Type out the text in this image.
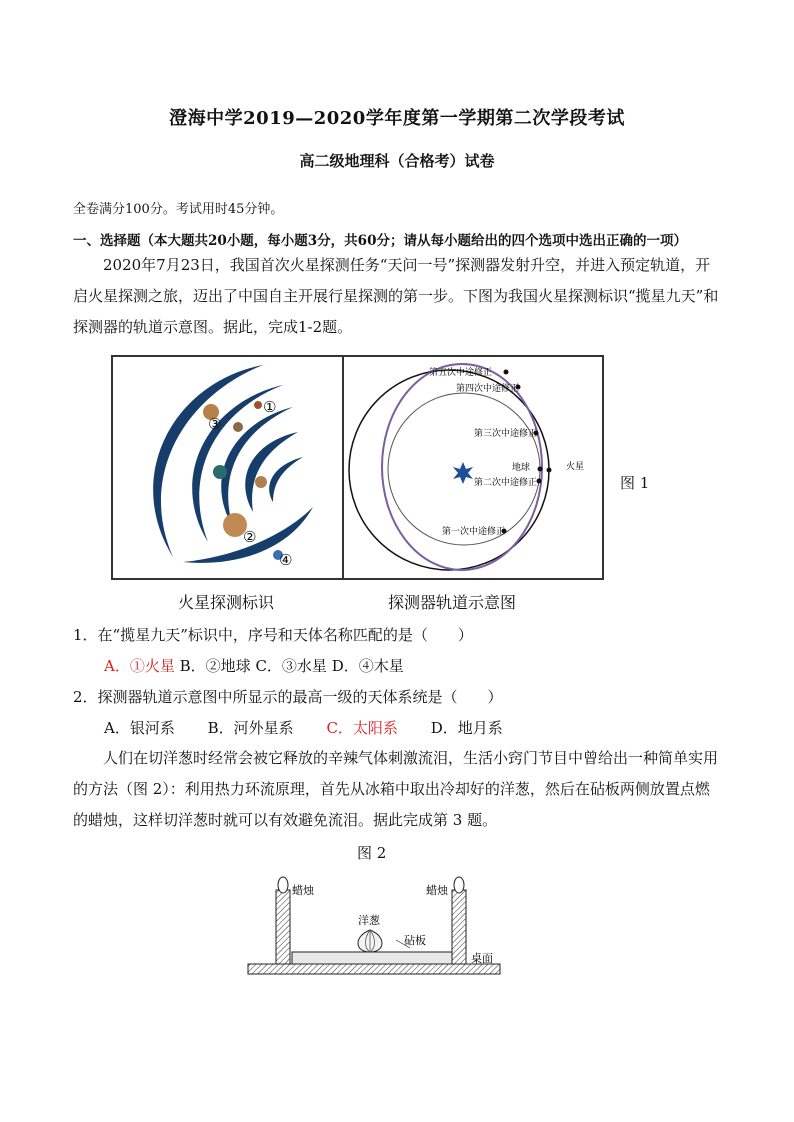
澄海中学2019—2020学年度第一学期第二次学段考试
高二级地理科（合格考）试卷
全卷满分100分。考试用时45分钟。
一、选择题（本大题共20小题，每小题3分，共60分；请从每小题给出的四个选项中选出正确的一项）
2020年7月23日，我国首次火星探测任务“天问一号”探测器发射升空，并进入预定轨道，开启火星探测之旅，迈出了中国自主开展行星探测的第一步。下图为我国火星探测标识“揽星九天”和探测器的轨道示意图。据此，完成1-2题。
①
②
③
④
第五次中途修正
第四次中途修正
第三次中途修正
地球
第二次中途修正
火星
第一次中途修正
图 1
火星探测标识	探测器轨道示意图
1．在“揽星九天”标识中，序号和天体名称匹配的是（　　）
A．①火星 B．②地球 C．③水星 D．④木星
2．探测器轨道示意图中所显示的最高一级的天体系统是（　　）
A．银河系 B．河外星系 C．太阳系 D．地月系
人们在切洋葱时经常会被它释放的辛辣气体刺激流泪，生活小窍门节目中曾给出一种简单实用的方法（图 2）：利用热力环流原理，首先从冰箱中取出冷却好的洋葱，然后在砧板两侧放置点燃的蜡烛，这样切洋葱时就可以有效避免流泪。据此完成第 3 题。
图 2
蜡烛	蜡烛
洋葱
砧板
桌面
